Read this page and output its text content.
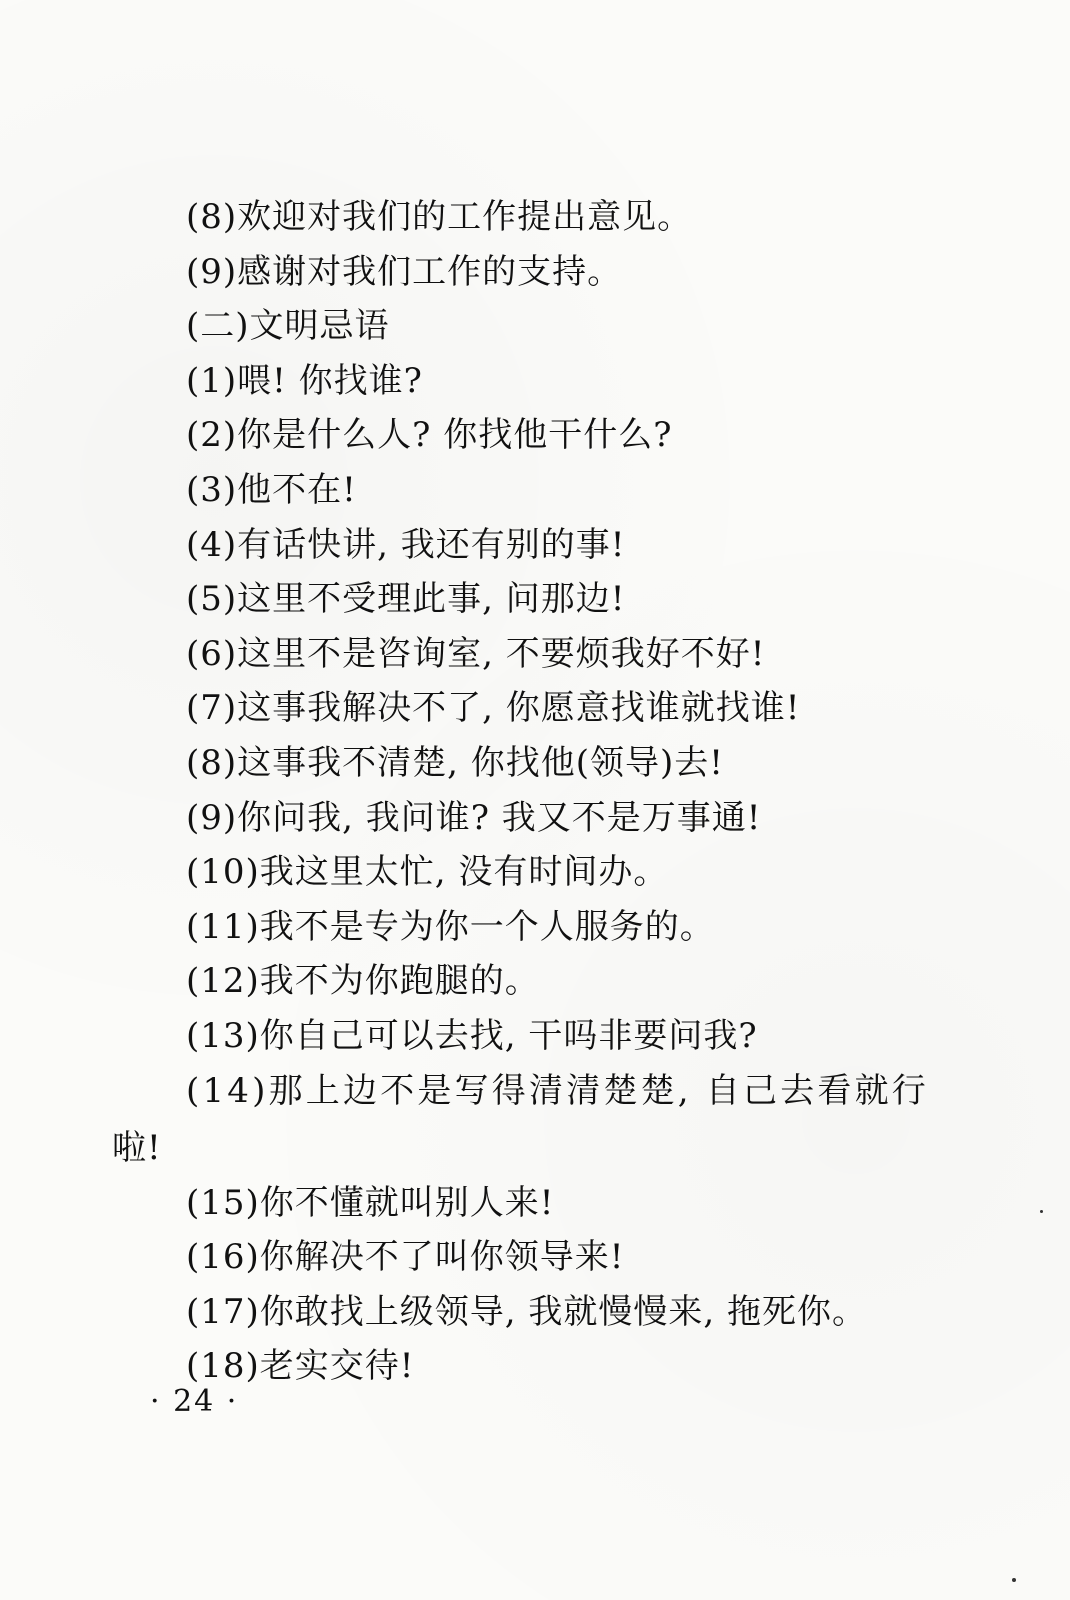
(8)欢迎对我们的工作提出意见。
(9)感谢对我们工作的支持。
(二)文明忌语
(1)喂! 你找谁?
(2)你是什么人? 你找他干什么?
(3)他不在!
(4)有话快讲, 我还有别的事!
(5)这里不受理此事, 问那边!
(6)这里不是咨询室, 不要烦我好不好!
(7)这事我解决不了, 你愿意找谁就找谁!
(8)这事我不清楚, 你找他(领导)去!
(9)你问我, 我问谁? 我又不是万事通!
(10)我这里太忙, 没有时间办。
(11)我不是专为你一个人服务的。
(12)我不为你跑腿的。
(13)你自己可以去找, 干吗非要问我?
(14)那上边不是写得清清楚楚, 自己去看就行
啦!
(15)你不懂就叫别人来!
(16)你解决不了叫你领导来!
(17)你敢找上级领导, 我就慢慢来, 拖死你。
(18)老实交待!
· 24 ·
